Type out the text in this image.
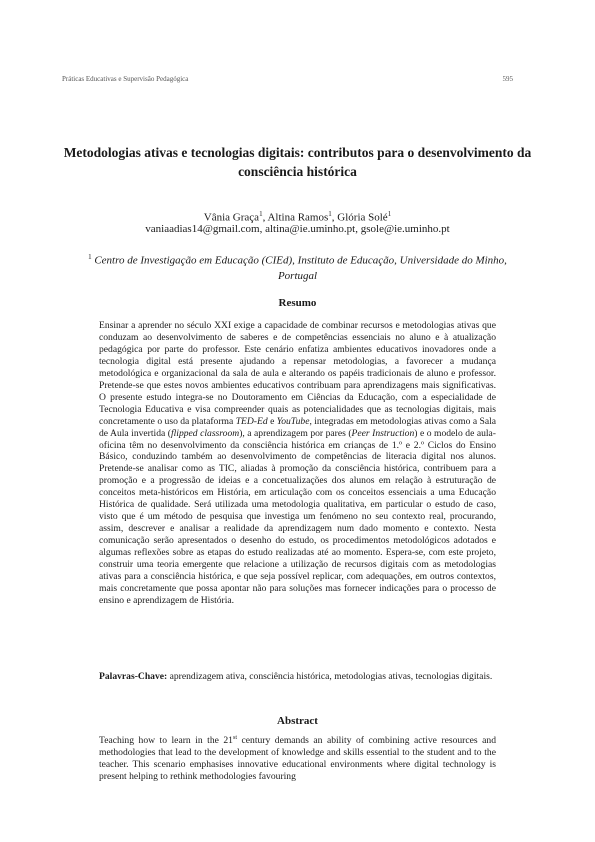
Práticas Educativas e Supervisão Pedagógica	595
Metodologias ativas e tecnologias digitais: contributos para o desenvolvimento da consciência histórica
Vânia Graça$^1$, Altina Ramos$^1$, Glória Solé$^1$
vaniaadias14@gmail.com, altina@ie.uminho.pt, gsole@ie.uminho.pt
$^1$ Centro de Investigação em Educação (CIEd), Instituto de Educação, Universidade do Minho, Portugal
Resumo
Ensinar a aprender no século XXI exige a capacidade de combinar recursos e metodologias ativas que conduzam ao desenvolvimento de saberes e de competências essenciais no aluno e à atualização pedagógica por parte do professor. Este cenário enfatiza ambientes educativos inovadores onde a tecnologia digital está presente ajudando a repensar metodologias, a favorecer a mudança metodológica e organizacional da sala de aula e alterando os papéis tradicionais de aluno e professor. Pretende-se que estes novos ambientes educativos contribuam para aprendizagens mais significativas. O presente estudo integra-se no Doutoramento em Ciências da Educação, com a especialidade de Tecnologia Educativa e visa compreender quais as potencialidades que as tecnologias digitais, mais concretamente o uso da plataforma TED-Ed e YouTube, integradas em metodologias ativas como a Sala de Aula invertida (flipped classroom), a aprendizagem por pares (Peer Instruction) e o modelo de aula-oficina têm no desenvolvimento da consciência histórica em crianças de 1.º e 2.º Ciclos do Ensino Básico, conduzindo também ao desenvolvimento de competências de literacia digital nos alunos. Pretende-se analisar como as TIC, aliadas à promoção da consciência histórica, contribuem para a promoção e a progressão de ideias e a concetualizações dos alunos em relação à estruturação de conceitos meta-históricos em História, em articulação com os conceitos essenciais a uma Educação Histórica de qualidade. Será utilizada uma metodologia qualitativa, em particular o estudo de caso, visto que é um método de pesquisa que investiga um fenómeno no seu contexto real, procurando, assim, descrever e analisar a realidade da aprendizagem num dado momento e contexto. Nesta comunicação serão apresentados o desenho do estudo, os procedimentos metodológicos adotados e algumas reflexões sobre as etapas do estudo realizadas até ao momento. Espera-se, com este projeto, construir uma teoria emergente que relacione a utilização de recursos digitais com as metodologias ativas para a consciência histórica, e que seja possível replicar, com adequações, em outros contextos, mais concretamente que possa apontar não para soluções mas fornecer indicações para o processo de ensino e aprendizagem de História.
Palavras-Chave: aprendizagem ativa, consciência histórica, metodologias ativas, tecnologias digitais.
Abstract
Teaching how to learn in the 21st century demands an ability of combining active resources and methodologies that lead to the development of knowledge and skills essential to the student and to the teacher. This scenario emphasises innovative educational environments where digital technology is present helping to rethink methodologies favouring
